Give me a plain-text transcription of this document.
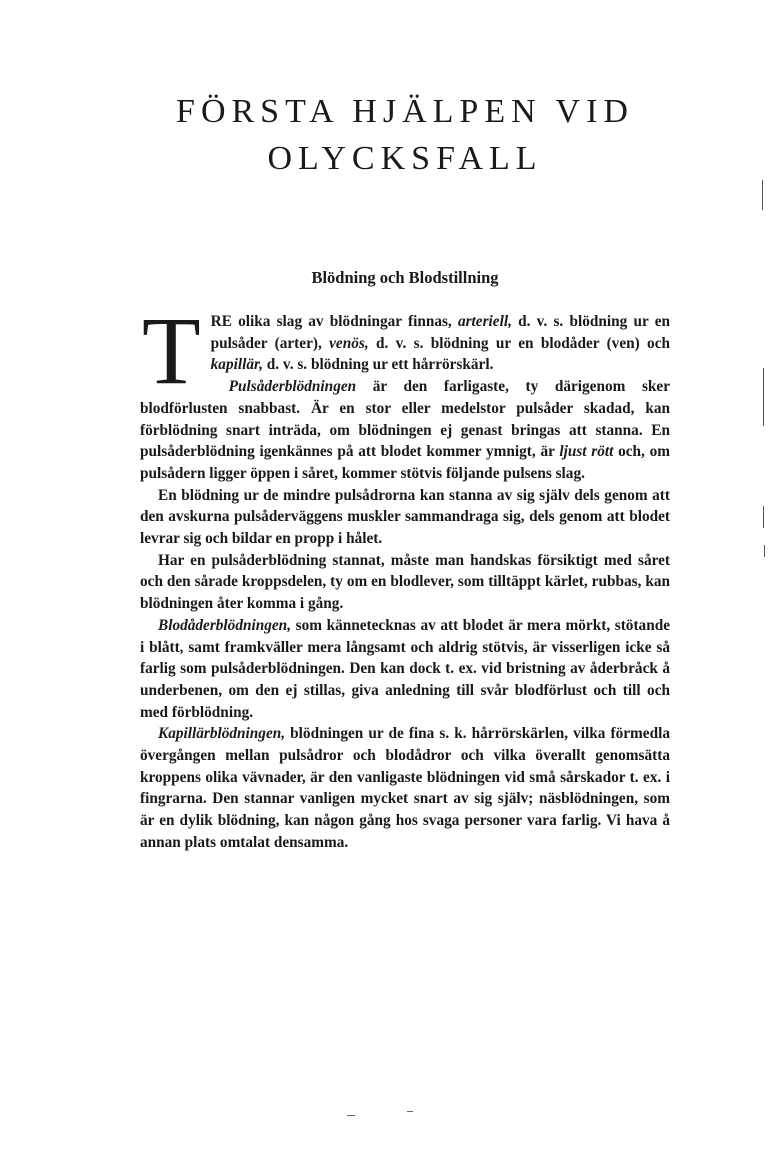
FÖRSTA HJÄLPEN VID
OLYCKSFALL
Blödning och Blodstillning

TRE olika slag av blödningar finnas, arteriell, d. v. s. blödning ur en pulsåder (arter), venös, d. v. s. blödning ur en blodåder (ven) och kapillär, d. v. s. blödning ur ett hårrörskärl.

Pulsåderblödningen är den farligaste, ty därigenom sker blodförlusten snabbast. Är en stor eller medelstor pulsåder skadad, kan förblödning snart inträda, om blödningen ej genast bringas att stanna. En pulsåderblödning igenkännes på att blodet kommer ymnigt, är ljust rött och, om pulsådern ligger öppen i såret, kommer stötvis följande pulsens slag.

En blödning ur de mindre pulsådrorna kan stanna av sig själv dels genom att den avskurna pulsåderväggens muskler sammandraga sig, dels genom att blodet levrar sig och bildar en propp i hålet.

Har en pulsåderblödning stannat, måste man handskas försiktigt med såret och den sårade kroppsdelen, ty om en blodlever, som tilltäppt kärlet, rubbas, kan blödningen åter komma i gång.

Blodåderblödningen, som kännetecknas av att blodet är mera mörkt, stötande i blått, samt framkväller mera långsamt och aldrig stötvis, är visserligen icke så farlig som pulsåderblödningen. Den kan dock t. ex. vid bristning av åderbråck å underbenen, om den ej stillas, giva anledning till svår blodförlust och till och med förblödning.

Kapillärblödningen, blödningen ur de fina s. k. hårrörskärlen, vilka förmedla övergången mellan pulsådror och blodådror och vilka överallt genomsätta kroppens olika vävnader, är den vanligaste blödningen vid små sårskador t. ex. i fingrarna. Den stannar vanligen mycket snart av sig själv; näsblödningen, som är en dylik blödning, kan någon gång hos svaga personer vara farlig. Vi hava å annan plats omtalat densamma.
